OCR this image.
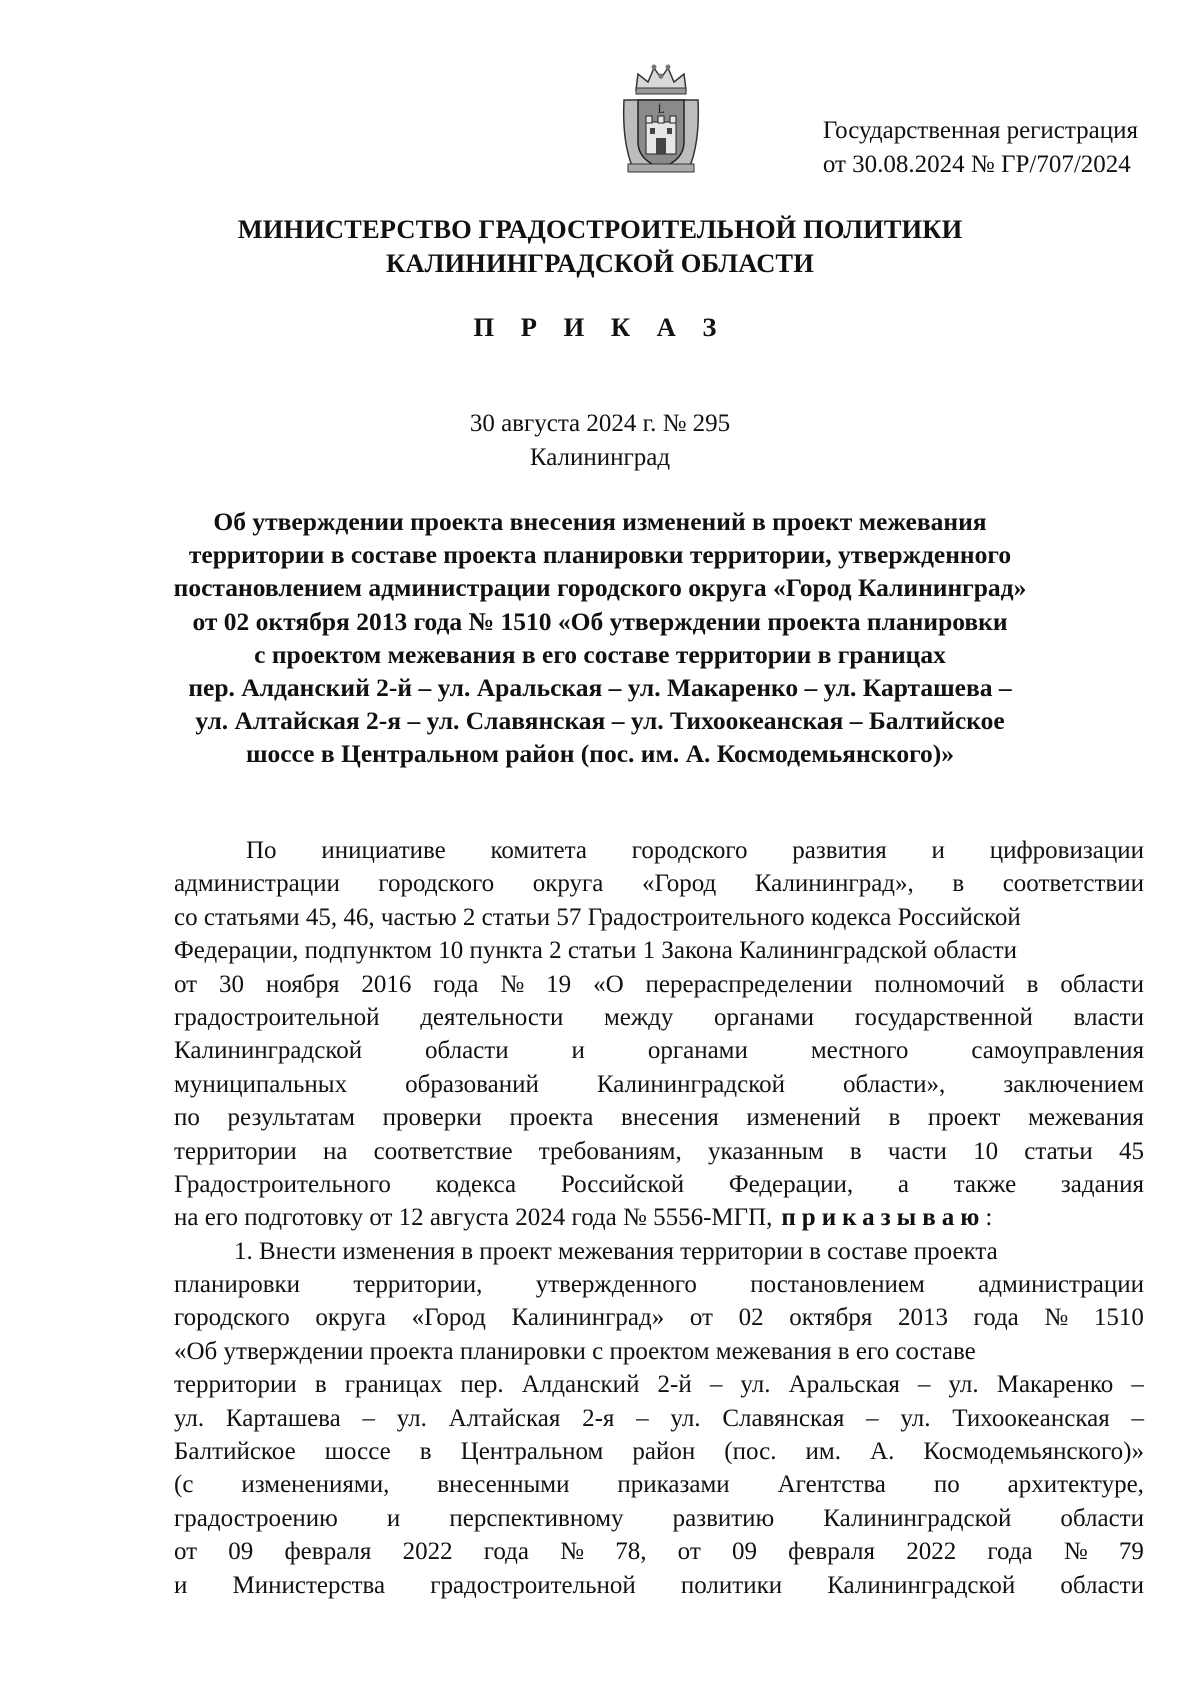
Ĺ
Государственная регистрация
от 30.08.2024 № ГР/707/2024
МИНИСТЕРСТВО ГРАДОСТРОИТЕЛЬНОЙ ПОЛИТИКИ
КАЛИНИНГРАДСКОЙ ОБЛАСТИ
П Р И К А З
30 августа 2024 г. № 295
Калининград
Об утверждении проекта внесения изменений в проект межевания
территории в составе проекта планировки территории, утвержденного
постановлением администрации городского округа «Город Калининград»
от 02 октября 2013 года № 1510 «Об утверждении проекта планировки
с проектом межевания в его составе территории в границах
пер. Алданский 2-й – ул. Аральская – ул. Макаренко – ул. Карташева –
ул. Алтайская 2-я – ул. Славянская – ул. Тихоокеанская – Балтийское
шоссе в Центральном район (пос. им. А. Космодемьянского)»
По инициативе комитета городского развития и цифровизации
администрации городского округа «Город Калининград», в соответствии
со статьями 45, 46, частью 2 статьи 57 Градостроительного кодекса Российской
Федерации, подпунктом 10 пункта 2 статьи 1 Закона Калининградской области
от 30 ноября 2016 года № 19 «О перераспределении полномочий в области
градостроительной деятельности между органами государственной власти
Калининградской	области	и	органами	местного	самоуправления
муниципальных образований Калининградской области», заключением
по результатам проверки проекта внесения изменений в проект межевания
территории на соответствие требованиям, указанным в части 10 статьи 45
Градостроительного кодекса Российской Федерации, а также задания
на его подготовку от 12 августа 2024 года № 5556-МГП, приказываю :
1. Внести изменения в проект межевания территории в составе проекта
планировки территории, утвержденного постановлением администрации
городского округа «Город Калининград» от 02 октября 2013 года № 1510
«Об утверждении проекта планировки с проектом межевания в его составе
территории в границах пер. Алданский 2-й – ул. Аральская – ул. Макаренко –
ул. Карташева – ул. Алтайская 2-я – ул. Славянская – ул. Тихоокеанская –
Балтийское шоссе в Центральном район (пос. им. А. Космодемьянского)»
(с изменениями, внесенными приказами Агентства по архитектуре,
градостроению и перспективному развитию Калининградской области
от 09 февраля 2022 года № 78, от 09 февраля 2022 года № 79
и Министерства градостроительной политики Калининградской области
